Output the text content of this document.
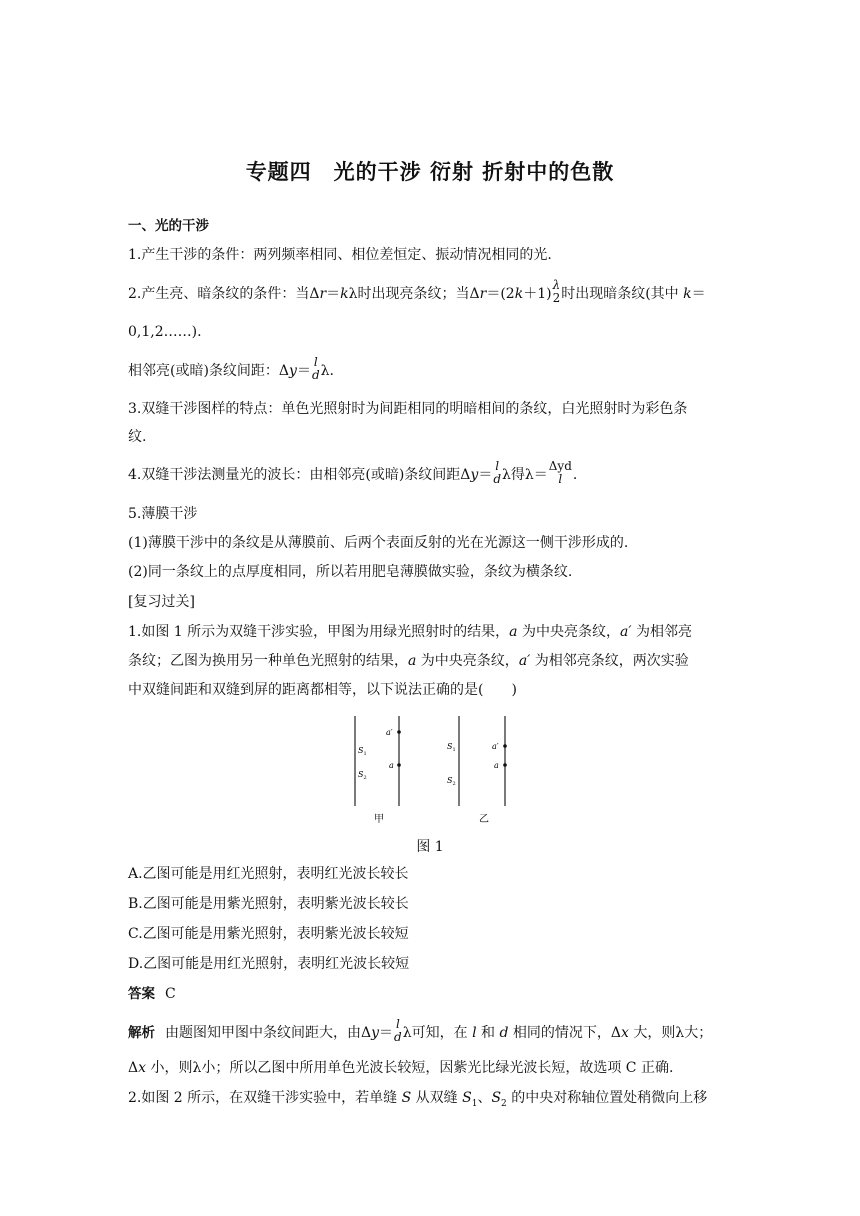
专题四　光的干涉 衍射 折射中的色散
一、光的干涉
1.产生干涉的条件：两列频率相同、相位差恒定、振动情况相同的光.
2.产生亮、暗条纹的条件：当Δr＝kλ时出现亮条纹；当Δr＝(2k＋1)
λ
2 时出现暗条纹(其中 k＝
0,1,2……).
相邻亮(或暗)条纹间距：Δy＝
l
d λ.
3.双缝干涉图样的特点：单色光照射时为间距相同的明暗相间的条纹，白光照射时为彩色条
纹.
4.双缝干涉法测量光的波长：由相邻亮(或暗)条纹间距Δy＝
l
d λ得λ＝
Δyd
l .
5.薄膜干涉
(1)薄膜干涉中的条纹是从薄膜前、后两个表面反射的光在光源这一侧干涉形成的.
(2)同一条纹上的点厚度相同，所以若用肥皂薄膜做实验，条纹为横条纹.
[复习过关]
1.如图 1 所示为双缝干涉实验，甲图为用绿光照射时的结果，a 为中央亮条纹，a′ 为相邻亮
条纹；乙图为换用另一种单色光照射的结果，a 为中央亮条纹，a′ 为相邻亮条纹，两次实验
中双缝间距和双缝到屏的距离都相等，以下说法正确的是(　　)
$S_1$
$S_2$
a′
a
甲
$S_1$
$S_2$
a′
a
乙
图 1
A.乙图可能是用红光照射，表明红光波长较长
B.乙图可能是用紫光照射，表明紫光波长较长
C.乙图可能是用紫光照射，表明紫光波长较短
D.乙图可能是用红光照射，表明红光波长较短
答案 C
解析 由题图知甲图中条纹间距大，由Δy＝
l
d λ可知，在 l 和 d 相同的情况下，Δx 大，则λ大；
Δx 小，则λ小；所以乙图中所用单色光波长较短，因紫光比绿光波长短，故选项 C 正确.
2.如图 2 所示，在双缝干涉实验中，若单缝 S 从双缝 $S_1$、$S_2$ 的中央对称轴位置处稍微向上移
